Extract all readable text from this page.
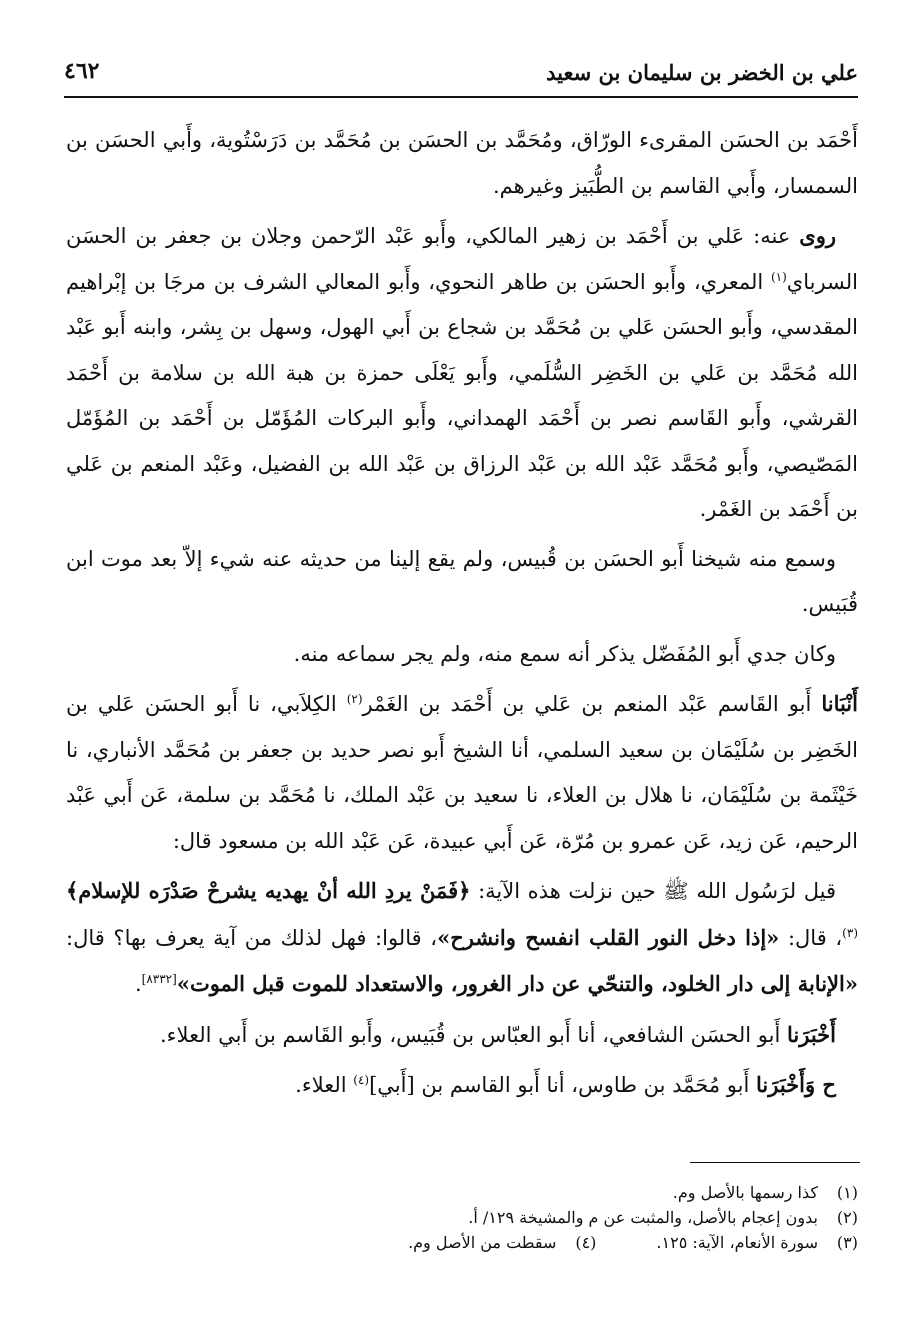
علي بن الخضر بن سليمان بن سعيد
٤٦٢

أَحْمَد بن الحسَن المقرىء الورّاق، ومُحَمَّد بن الحسَن بن مُحَمَّد بن دَرَسْتُوية، وأَبي الحسَن بن السمسار، وأَبي القاسم بن الطُّبَيز وغيرهم.

روى عنه: عَلي بن أَحْمَد بن زهير المالكي، وأَبو عَبْد الرّحمن وجلان بن جعفر بن الحسَن السرباي$^{(١)}$ المعري، وأَبو الحسَن بن طاهر النحوي، وأَبو المعالي الشرف بن مرجَا بن إبْراهيم المقدسي، وأَبو الحسَن عَلي بن مُحَمَّد بن شجاع بن أَبي الهول، وسهل بن بِشر، وابنه أَبو عَبْد الله مُحَمَّد بن عَلي بن الخَضِر السُّلَمي، وأَبو يَعْلَى حمزة بن هبة الله بن سلامة بن أَحْمَد القرشي، وأَبو القَاسم نصر بن أَحْمَد الهمداني، وأَبو البركات المُؤَمّل بن أَحْمَد بن المُؤَمّل المَصّيصي، وأَبو مُحَمَّد عَبْد الله بن عَبْد الرزاق بن عَبْد الله بن الفضيل، وعَبْد المنعم بن عَلي بن أَحْمَد بن الغَمْر.

وسمع منه شيخنا أَبو الحسَن بن قُبيس، ولم يقع إلينا من حديثه عنه شيء إلاّ بعد موت ابن قُبَيس.

وكان جدي أَبو المُفَضّل يذكر أنه سمع منه، ولم يجر سماعه منه.

أَنْبَانا أَبو القَاسم عَبْد المنعم بن عَلي بن أَحْمَد بن الغَمْر$^{(٢)}$ الكِلاَبي، نا أَبو الحسَن عَلي بن الخَضِر بن سُلَيْمَان بن سعيد السلمي، أنا الشيخ أَبو نصر حديد بن جعفر بن مُحَمَّد الأنباري، نا خَيْثَمة بن سُلَيْمَان، نا هلال بن العلاء، نا سعيد بن عَبْد الملك، نا مُحَمَّد بن سلمة، عَن أَبي عَبْد الرحيم، عَن زيد، عَن عمرو بن مُرّة، عَن أَبي عبيدة، عَن عَبْد الله بن مسعود قال:

قيل لرَسُول الله ﷺ حين نزلت هذه الآية: ﴿فَمَنْ يردِ الله أنْ يهديه يشرحْ صَدْرَه للإسلام﴾$^{(٣)}$، قال: «إذا دخل النور القلب انفسح وانشرح»، قالوا: فهل لذلك من آية يعرف بها؟ قال: «الإنابة إلى دار الخلود، والتنحّي عن دار الغرور، والاستعداد للموت قبل الموت»[٨٣٣٢].

أَخْبَرَنا أَبو الحسَن الشافعي، أنا أَبو العبّاس بن قُبَيس، وأَبو القَاسم بن أَبي العلاء.

ح وَأَخْبَرَنا أَبو مُحَمَّد بن طاوس، أنا أَبو القاسم بن [أَبي]$^{(٤)}$ العلاء.

(١)كذا رسمها بالأصل وم.
(٢)بدون إعجام بالأصل، والمثبت عن م والمشيخة ١٢٩/ أ.
(٣)سورة الأنعام، الآية: ١٢٥.(٤)سقطت من الأصل وم.
